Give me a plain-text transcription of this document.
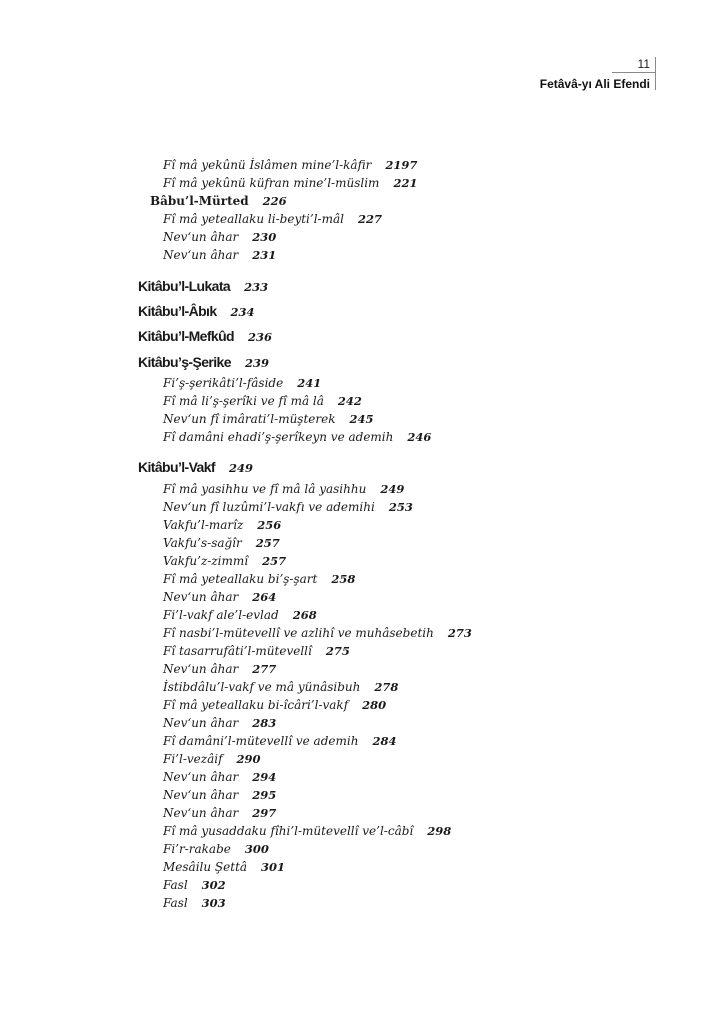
11
Fetâvâ-yı Ali Efendi
Fî mâ yekûnü İslâmen mine’l-kâfir 2197
Fî mâ yekûnü küfran mine’l-müslim 221
Bâbu’l-Mürted 226
Fî mâ yeteallaku li-beyti’l-mâl 227
Nev‘un âhar 230
Nev‘un âhar 231
Kitâbu’l-Lukata 233
Kitâbu’l-Âbık 234
Kitâbu’l-Mefkûd 236
Kitâbu’ş-Şerike 239
Fi’ş-şerikâti’l-fâside 241
Fî mâ li’ş-şerîki ve fî mâ lâ 242
Nev‘un fî imârati’l-müşterek 245
Fî damâni ehadi’ş-şerîkeyn ve ademih 246
Kitâbu’l-Vakf 249
Fî mâ yasihhu ve fî mâ lâ yasihhu 249
Nev‘un fî luzûmi’l-vakfı ve ademihi 253
Vakfu’l-marîz 256
Vakfu’s-sağîr 257
Vakfu’z-zimmî 257
Fî mâ yeteallaku bi’ş-şart 258
Nev‘un âhar 264
Fi’l-vakf ale’l-evlad 268
Fî nasbi’l-mütevellî ve azlihî ve muhâsebetih 273
Fî tasarrufâti’l-mütevellî 275
Nev‘un âhar 277
İstibdâlu’l-vakf ve mâ yünâsibuh 278
Fî mâ yeteallaku bi-îcâri’l-vakf 280
Nev‘un âhar 283
Fî damâni’l-mütevellî ve ademih 284
Fi’l-vezâif 290
Nev‘un âhar 294
Nev‘un âhar 295
Nev‘un âhar 297
Fî mâ yusaddaku fîhi’l-mütevellî ve’l-câbî 298
Fi’r-rakabe 300
Mesâilu Şettâ 301
Fasl 302
Fasl 303
